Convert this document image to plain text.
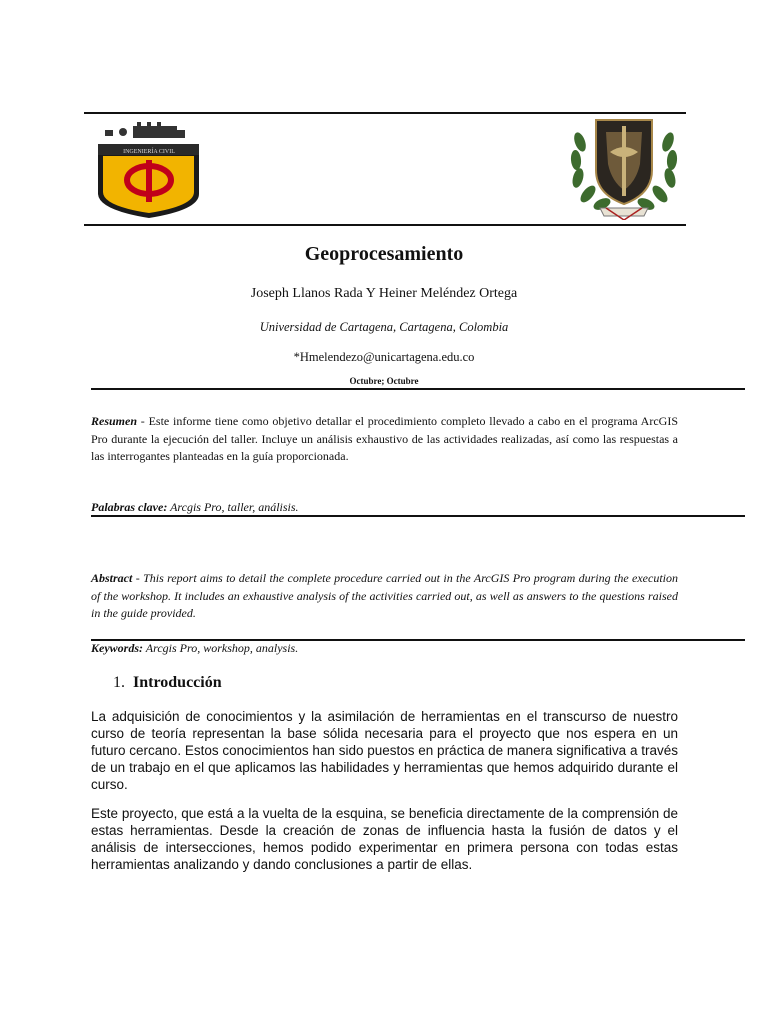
INGENIERÍA CIVIL
Geoprocesamiento
Joseph Llanos Rada Y Heiner Meléndez Ortega
Universidad de Cartagena, Cartagena, Colombia
*Hmelendezo@unicartagena.edu.co
Octubre; Octubre
Resumen - Este informe tiene como objetivo detallar el procedimiento completo llevado a cabo en el programa ArcGIS Pro durante la ejecución del taller. Incluye un análisis exhaustivo de las actividades realizadas, así como las respuestas a las interrogantes planteadas en la guía proporcionada.
Palabras clave: Arcgis Pro, taller, análisis.
Abstract - This report aims to detail the complete procedure carried out in the ArcGIS Pro program during the execution of the workshop. It includes an exhaustive analysis of the activities carried out, as well as answers to the questions raised in the guide provided.
Keywords: Arcgis Pro, workshop, analysis.
1. Introducción
La adquisición de conocimientos y la asimilación de herramientas en el transcurso de nuestro curso de teoría representan la base sólida necesaria para el proyecto que nos espera en un futuro cercano. Estos conocimientos han sido puestos en práctica de manera significativa a través de un trabajo en el que aplicamos las habilidades y herramientas que hemos adquirido durante el curso.
Este proyecto, que está a la vuelta de la esquina, se beneficia directamente de la comprensión de estas herramientas. Desde la creación de zonas de influencia hasta la fusión de datos y el análisis de intersecciones, hemos podido experimentar en primera persona con todas estas herramientas analizando y dando conclusiones a partir de ellas.
